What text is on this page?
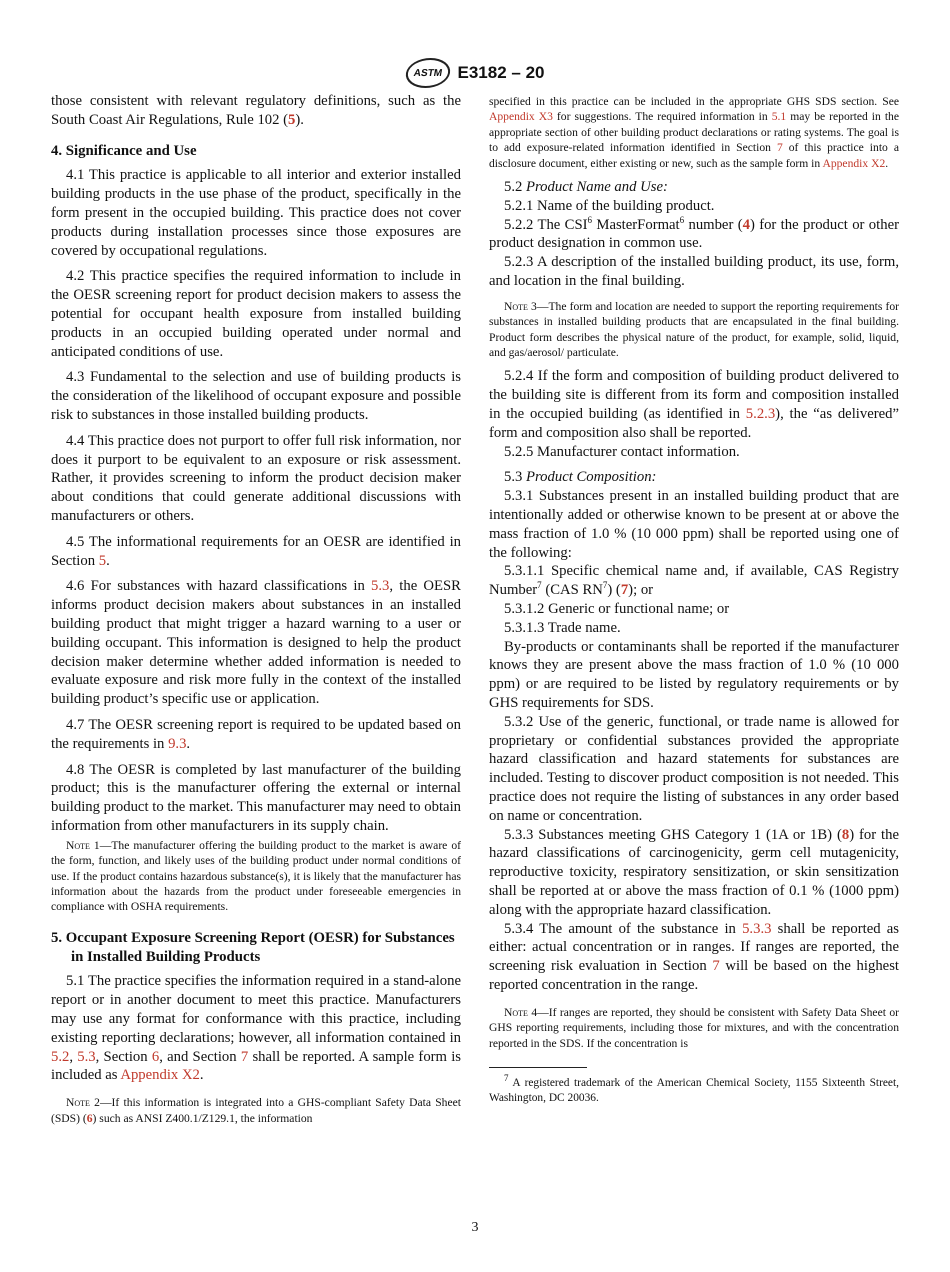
ASTM E3182 – 20

those consistent with relevant regulatory definitions, such as the South Coast Air Regulations, Rule 102 (5).

4. Significance and Use

4.1 This practice is applicable to all interior and exterior installed building products in the use phase of the product, specifically in the form present in the occupied building. This practice does not cover products during installation processes since those exposures are covered by occupational regulations.

4.2 This practice specifies the required information to include in the OESR screening report for product decision makers to assess the potential for occupant health exposure from installed building products in an occupied building operated under normal and anticipated conditions of use.

4.3 Fundamental to the selection and use of building products is the consideration of the likelihood of occupant exposure and possible risk to substances in those installed building products.

4.4 This practice does not purport to offer full risk information, nor does it purport to be equivalent to an exposure or risk assessment. Rather, it provides screening to inform the product decision maker about conditions that could generate additional discussions with manufacturers or others.

4.5 The informational requirements for an OESR are identified in Section 5.

4.6 For substances with hazard classifications in 5.3, the OESR informs product decision makers about substances in an installed building product that might trigger a hazard warning to a user or building occupant. This information is designed to help the product decision maker determine whether added information is needed to evaluate exposure and risk more fully in the context of the installed building product’s specific use or application.

4.7 The OESR screening report is required to be updated based on the requirements in 9.3.

4.8 The OESR is completed by last manufacturer of the building product; this is the manufacturer offering the external or internal building product to the market. This manufacturer may need to obtain information from other manufacturers in its supply chain.

Note 1—The manufacturer offering the building product to the market is aware of the form, function, and likely uses of the building product under normal conditions of use. If the product contains hazardous substance(s), it is likely that the manufacturer has information about the hazards from the product under foreseeable emergencies in compliance with OSHA requirements.
5. Occupant Exposure Screening Report (OESR) for Substances in Installed Building Products

5.1 The practice specifies the information required in a stand-alone report or in another document to meet this practice. Manufacturers may use any format for conformance with this practice, including existing reporting declarations; however, all information contained in 5.2, 5.3, Section 6, and Section 7 shall be reported. A sample form is included as Appendix X2.

Note 2—If this information is integrated into a GHS-compliant Safety Data Sheet (SDS) (6) such as ANSI Z400.1/Z129.1, the information
specified in this practice can be included in the appropriate GHS SDS section. See Appendix X3 for suggestions. The required information in 5.1 may be reported in the appropriate section of other building product declarations or rating systems. The goal is to add exposure-related information identified in Section 7 of this practice into a disclosure document, either existing or new, such as the sample form in Appendix X2.

5.2 Product Name and Use:

5.2.1 Name of the building product.

5.2.2 The CSI$^6$ MasterFormat$^6$ number (4) for the product or other product designation in common use.

5.2.3 A description of the installed building product, its use, form, and location in the final building.

Note 3—The form and location are needed to support the reporting requirements for substances in installed building products that are encapsulated in the final building. Product form describes the physical nature of the product, for example, solid, liquid, and gas/aerosol/ particulate.

5.2.4 If the form and composition of building product delivered to the building site is different from its form and composition installed in the occupied building (as identified in 5.2.3), the “as delivered” form and composition also shall be reported.

5.2.5 Manufacturer contact information.

5.3 Product Composition:

5.3.1 Substances present in an installed building product that are intentionally added or otherwise known to be present at or above the mass fraction of 1.0 % (10 000 ppm) shall be reported using one of the following:

5.3.1.1 Specific chemical name and, if available, CAS Registry Number$^7$ (CAS $RN^7$) (7); or

5.3.1.2 Generic or functional name; or

5.3.1.3 Trade name.

By-products or contaminants shall be reported if the manufacturer knows they are present above the mass fraction of 1.0 % (10 000 ppm) or are required to be listed by regulatory requirements or by GHS requirements for SDS.

5.3.2 Use of the generic, functional, or trade name is allowed for proprietary or confidential substances provided the appropriate hazard classification and hazard statements for substances are included. Testing to discover product composition is not needed. This practice does not require the listing of substances in any order based on name or concentration.

5.3.3 Substances meeting GHS Category 1 (1A or 1B) (8) for the hazard classifications of carcinogenicity, germ cell mutagenicity, reproductive toxicity, respiratory sensitization, or skin sensitization shall be reported at or above the mass fraction of 0.1 % (1000 ppm) along with the appropriate hazard classification.

5.3.4 The amount of the substance in 5.3.3 shall be reported as either: actual concentration or in ranges. If ranges are reported, the screening risk evaluation in Section 7 will be based on the highest reported concentration in the range.

Note 4—If ranges are reported, they should be consistent with Safety Data Sheet or GHS reporting requirements, including those for mixtures, and with the concentration reported in the SDS. If the concentration is
$^7$ A registered trademark of the American Chemical Society, 1155 Sixteenth Street, Washington, DC 20036.
3
